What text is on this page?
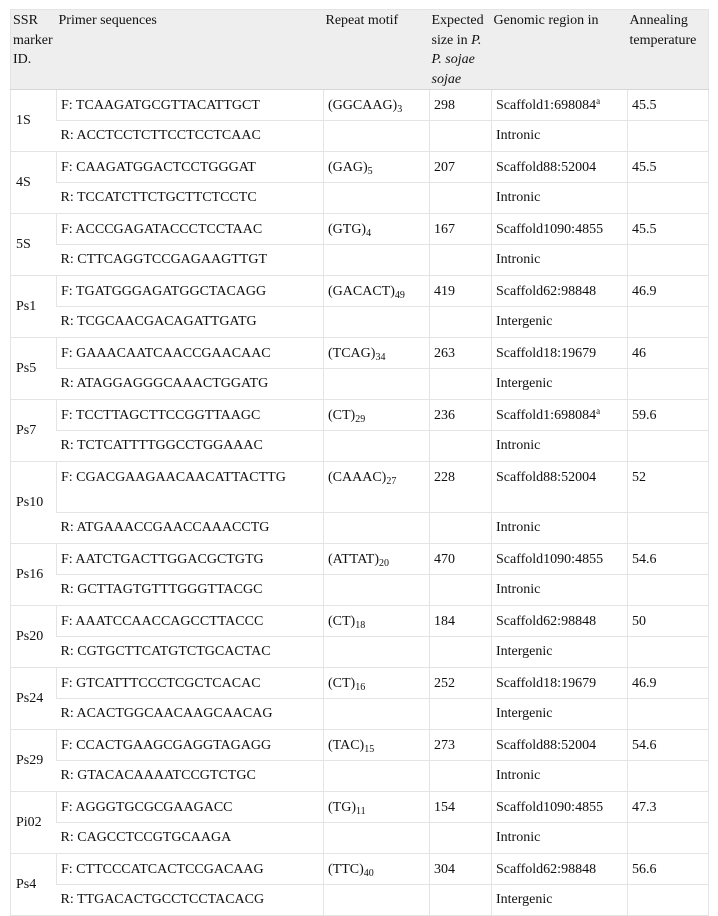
SSR marker ID.	Primer sequences	Repeat motif	Expected size in P. P. sojae sojae	Genomic region in	Annealing temperature
1S	F: TCAAGATGCGTTACATTGCT	$(GGCAAG)_3$	298	Scaffold1:698084$^a$	45.5
	R: ACCTCCTCTTCCTCCTCAAC			Intronic	
4S	F: CAAGATGGACTCCTGGGAT	$(GAG)_5$	207	Scaffold88:52004	45.5
	R: TCCATCTTCTGCTTCTCCTC			Intronic	
5S	F: ACCCGAGATACCCTCCTAAC	$(GTG)_4$	167	Scaffold1090:4855	45.5
	R: CTTCAGGTCCGAGAAGTTGT			Intronic	
Ps1	F: TGATGGGAGATGGCTACAGG	$(GACACT)_{49}$	419	Scaffold62:98848	46.9
	R: TCGCAACGACAGATTGATG			Intergenic	
Ps5	F: GAAACAATCAACCGAACAAC	$(TCAG)_{34}$	263	Scaffold18:19679	46
	R: ATAGGAGGGCAAACTGGATG			Intergenic	
Ps7	F: TCCTTAGCTTCCGGTTAAGC	$(CT)_{29}$	236	Scaffold1:698084$^a$	59.6
	R: TCTCATTTTGGCCTGGAAAC			Intronic	
Ps10	F: CGACGAAGAACAACATTACTTG	$(CAAAC)_{27}$	228	Scaffold88:52004	52
	R: ATGAAACCGAACCAAACCTG			Intronic	
Ps16	F: AATCTGACTTGGACGCTGTG	$(ATTAT)_{20}$	470	Scaffold1090:4855	54.6
	R: GCTTAGTGTTTGGGTTACGC			Intronic	
Ps20	F: AAATCCAACCAGCCTTACCC	$(CT)_{18}$	184	Scaffold62:98848	50
	R: CGTGCTTCATGTCTGCACTAC			Intergenic	
Ps24	F: GTCATTTCCCTCGCTCACAC	$(CT)_{16}$	252	Scaffold18:19679	46.9
	R: ACACTGGCAACAAGCAACAG			Intergenic	
Ps29	F: CCACTGAAGCGAGGTAGAGG	$(TAC)_{15}$	273	Scaffold88:52004	54.6
	R: GTACACAAAATCCGTCTGC			Intronic	
Pi02	F: AGGGTGCGCGAAGACC	$(TG)_{11}$	154	Scaffold1090:4855	47.3
	R: CAGCCTCCGTGCAAGA			Intronic	
Ps4	F: CTTCCCATCACTCCGACAAG	$(TTC)_{40}$	304	Scaffold62:98848	56.6
	R: TTGACACTGCCTCCTACACG			Intergenic	
